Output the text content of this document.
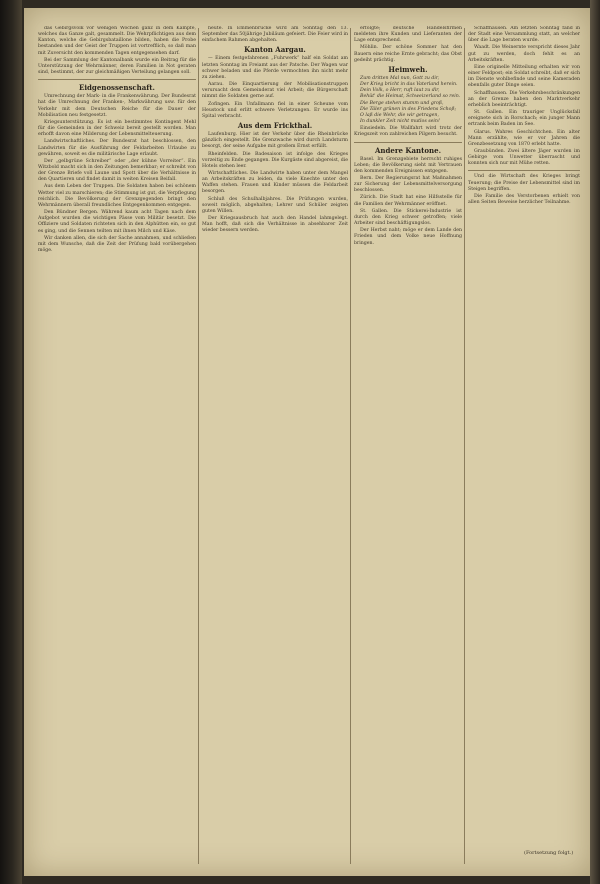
das Gebirgsvolk vor wenigen Wochen ganz in dem Kampfe, welches das Ganze galt, gesammelt. Die Wehrpflichtigen aus dem Kanton, welche die Gebirgsbataillone bilden, haben die Probe bestanden und der Geist der Truppen ist vortrefflich, so daß man mit Zuversicht den kommenden Tagen entgegensehen darf.

Bei der Sammlung der Kantonalbank wurde ein Beitrag für die Unterstützung der Wehrmänner, deren Familien in Not geraten sind, bestimmt, der zur gleichmäßigen Verteilung gelangen soll.

Eidgenossenschaft.

Umrechnung der Mark- in die Frankenwährung. Der Bundesrat hat die Umrechnung der Franken-, Markwährung usw. für den Verkehr mit dem Deutschen Reiche für die Dauer der Mobilisation neu festgesetzt.

Kriegsunterstützung. Es ist ein bestimmtes Kontingent Mehl für die Gemeinden in der Schweiz bereit gestellt worden. Man erhofft davon eine Milderung der Lebensmittelteuerung.

Landwirtschaftliches. Der Bundesrat hat beschlossen, den Landwirten für die Ausführung der Feldarbeiten Urlaube zu gewähren, soweit es die militärische Lage erlaubt.

Der „gelbgrüne Schreiber“ oder „der kühne Vorreiter“. Ein Witzbold macht sich in den Zeitungen bemerkbar; er schreibt von der Grenze Briefe voll Laune und Spott über die Verhältnisse in den Quartieren und findet damit in weiten Kreisen Beifall.

Aus dem Leben der Truppen. Die Soldaten haben bei schönem Wetter viel zu marschieren; die Stimmung ist gut, die Verpflegung reichlich. Die Bevölkerung der Grenzgegenden bringt den Wehrmännern überall freundliches Entgegenkommen entgegen.

Den Bündner Bergen. Während kaum acht Tagen nach dem Aufgebot wurden die wichtigen Pässe vom Militär besetzt. Die Offiziere und Soldaten richteten sich in den Alphütten ein, so gut es ging, und die Sennen teilten mit ihnen Milch und Käse.

Wir danken allen, die sich der Sache annahmen, und schließen mit dem Wunsche, daß die Zeit der Prüfung bald vorübergehen möge.

heute. In Emmenbrücke wird am Sonntag den 13. September das 50jährige Jubiläum gefeiert. Die Feier wird in einfachem Rahmen abgehalten.

Kanton Aargau.

— Einem festgefahrenen „Fuhrwerk“ half ein Soldat am letzten Sonntag im Freiamt aus der Patsche. Der Wagen war schwer beladen und die Pferde vermochten ihn nicht mehr zu ziehen.

Aarau. Die Einquartierung der Mobilisationstruppen verursacht dem Gemeinderat viel Arbeit; die Bürgerschaft nimmt die Soldaten gerne auf.

Zofingen. Ein Unfallmann fiel in einer Scheune vom Heustock und erlitt schwere Verletzungen. Er wurde ins Spital verbracht.

Aus dem Frickthal.

Laufenburg. Hier ist der Verkehr über die Rheinbrücke gänzlich eingestellt. Die Grenzwache wird durch Landsturm besorgt, der seine Aufgabe mit großem Ernst erfüllt.

Rheinfelden. Die Badesaison ist infolge des Krieges vorzeitig zu Ende gegangen. Die Kurgäste sind abgereist, die Hotels stehen leer.

Wirtschaftliches. Die Landwirte haben unter dem Mangel an Arbeitskräften zu leiden, da viele Knechte unter den Waffen stehen. Frauen und Kinder müssen die Feldarbeit besorgen.

Schluß des Schulhalbjahres. Die Prüfungen wurden, soweit möglich, abgehalten; Lehrer und Schüler zeigten guten Willen.

Der Kriegsausbruch hat auch den Handel lahmgelegt. Man hofft, daß sich die Verhältnisse in absehbarer Zeit wieder bessern werden.

erfolgte; deutsche Handelsfirmen meldeten ihre Kunden und Lieferanten der Lage entsprechend.

Möhlin. Der schöne Sommer hat den Bauern eine reiche Ernte gebracht; das Obst gedeiht prächtig.

Heimweh.

Zum dritten Mal nun, Gott zu dir,
Der Krieg bricht in das Vaterland herein.
Dein Volk, o Herr, ruft laut zu dir,
Behüt' die Heimat, Schweizerland so rein.
Die Berge stehen stumm und groß,
Die Täler grünen in des Friedens Schoß;
O laß die Wehr, die wir getragen,
In dunkler Zeit nicht mutlos sein!

Einsiedeln. Die Wallfahrt wird trotz der Kriegszeit von zahlreichen Pilgern besucht.

Andere Kantone.

Basel. Im Grenzgebiete herrscht ruhiges Leben; die Bevölkerung sieht mit Vertrauen den kommenden Ereignissen entgegen.

Bern. Der Regierungsrat hat Maßnahmen zur Sicherung der Lebensmittelversorgung beschlossen.

Zürich. Die Stadt hat eine Hilfsstelle für die Familien der Wehrmänner eröffnet.

St. Gallen. Die Stickerei-Industrie ist durch den Krieg schwer getroffen; viele Arbeiter sind beschäftigungslos.

Der Herbst naht; möge er dem Lande den Frieden und dem Volke neue Hoffnung bringen.

Schaffhausen. Am letzten Sonntag fand in der Stadt eine Versammlung statt, an welcher über die Lage beraten wurde.

Waadt. Die Weinernte verspricht dieses Jahr gut zu werden, doch fehlt es an Arbeitskräften.

Eine originelle Mitteilung erhalten wir von einer Feldpost; ein Soldat schreibt, daß er sich im Dienste wohlbefinde und seine Kameraden ebenfalls guter Dinge seien.

Schaffhausen. Die Verkehrsbeschränkungen an der Grenze haben den Marktverkehr erheblich beeinträchtigt.

St. Gallen. Ein trauriger Unglücksfall ereignete sich in Rorschach; ein junger Mann ertrank beim Baden im See.

Glarus. Wahres Geschichtchen. Ein alter Mann erzählte, wie er vor Jahren die Grenzbesetzung von 1870 erlebt hatte.

Graubünden. Zwei ältere Jäger wurden im Gebirge vom Unwetter überrascht und konnten sich nur mit Mühe retten.

Und die Wirtschaft des Krieges bringt Teuerung; die Preise der Lebensmittel sind im Steigen begriffen.

Die Familie des Verstorbenen erhielt von allen Seiten Beweise herzlicher Teilnahme.

(Fortsetzung folgt.)
